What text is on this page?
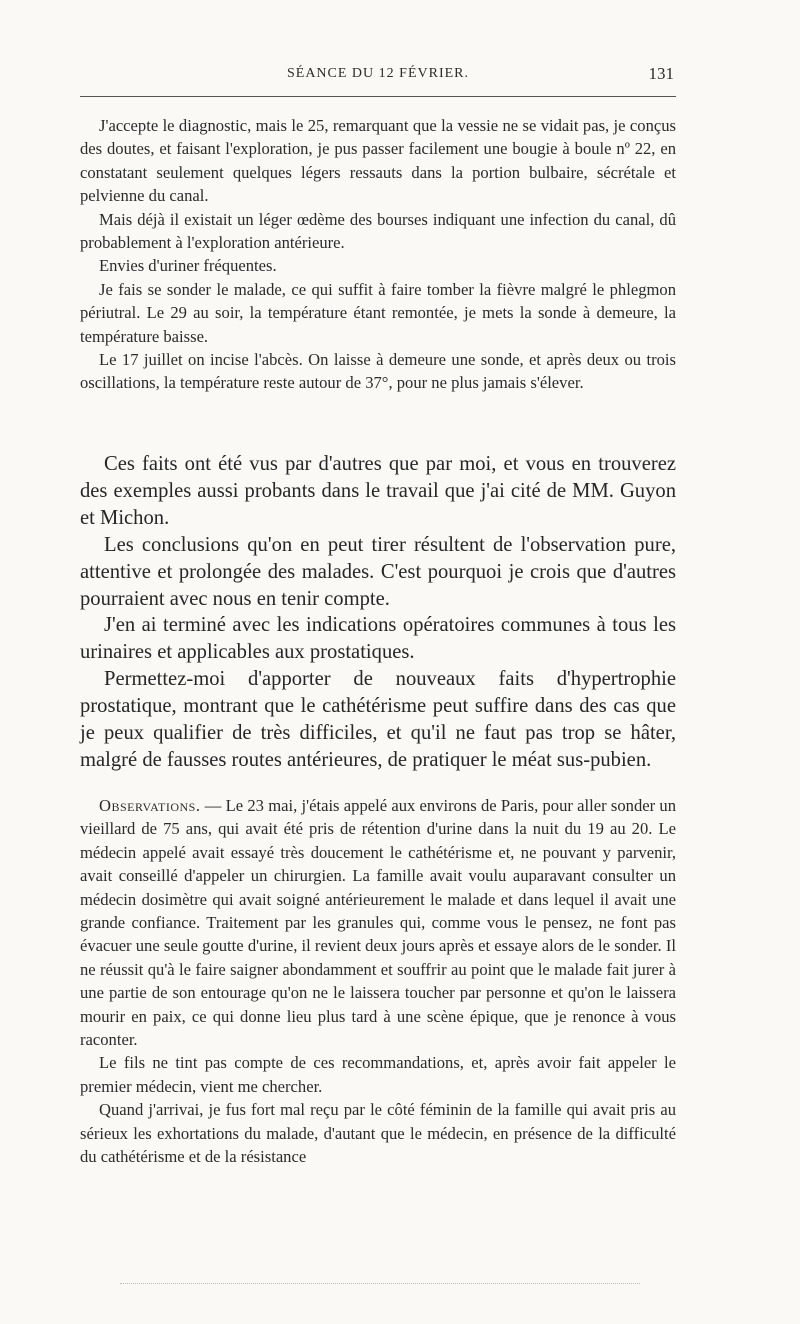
SÉANCE DU 12 FÉVRIER.	131

J'accepte le diagnostic, mais le 25, remarquant que la vessie ne se vidait pas, je conçus des doutes, et faisant l'exploration, je pus passer facilement une bougie à boule nº 22, en constatant seulement quelques légers ressauts dans la portion bulbaire, sécrétale et pelvienne du canal.

Mais déjà il existait un léger œdème des bourses indiquant une infection du canal, dû probablement à l'exploration antérieure.

Envies d'uriner fréquentes.

Je fais se sonder le malade, ce qui suffit à faire tomber la fièvre malgré le phlegmon périutral. Le 29 au soir, la température étant remontée, je mets la sonde à demeure, la température baisse.

Le 17 juillet on incise l'abcès. On laisse à demeure une sonde, et après deux ou trois oscillations, la température reste autour de 37°, pour ne plus jamais s'élever.

Ces faits ont été vus par d'autres que par moi, et vous en trouverez des exemples aussi probants dans le travail que j'ai cité de MM. Guyon et Michon.

Les conclusions qu'on en peut tirer résultent de l'observation pure, attentive et prolongée des malades. C'est pourquoi je crois que d'autres pourraient avec nous en tenir compte.

J'en ai terminé avec les indications opératoires communes à tous les urinaires et applicables aux prostatiques.

Permettez-moi d'apporter de nouveaux faits d'hypertrophie prostatique, montrant que le cathétérisme peut suffire dans des cas que je peux qualifier de très difficiles, et qu'il ne faut pas trop se hâter, malgré de fausses routes antérieures, de pratiquer le méat sus-pubien.

Observations. — Le 23 mai, j'étais appelé aux environs de Paris, pour aller sonder un vieillard de 75 ans, qui avait été pris de rétention d'urine dans la nuit du 19 au 20. Le médecin appelé avait essayé très doucement le cathétérisme et, ne pouvant y parvenir, avait conseillé d'appeler un chirurgien. La famille avait voulu auparavant consulter un médecin dosimètre qui avait soigné antérieurement le malade et dans lequel il avait une grande confiance. Traitement par les granules qui, comme vous le pensez, ne font pas évacuer une seule goutte d'urine, il revient deux jours après et essaye alors de le sonder. Il ne réussit qu'à le faire saigner abondamment et souffrir au point que le malade fait jurer à une partie de son entourage qu'on ne le laissera toucher par personne et qu'on le laissera mourir en paix, ce qui donne lieu plus tard à une scène épique, que je renonce à vous raconter.

Le fils ne tint pas compte de ces recommandations, et, après avoir fait appeler le premier médecin, vient me chercher.

Quand j'arrivai, je fus fort mal reçu par le côté féminin de la famille qui avait pris au sérieux les exhortations du malade, d'autant que le médecin, en présence de la difficulté du cathétérisme et de la résistance
